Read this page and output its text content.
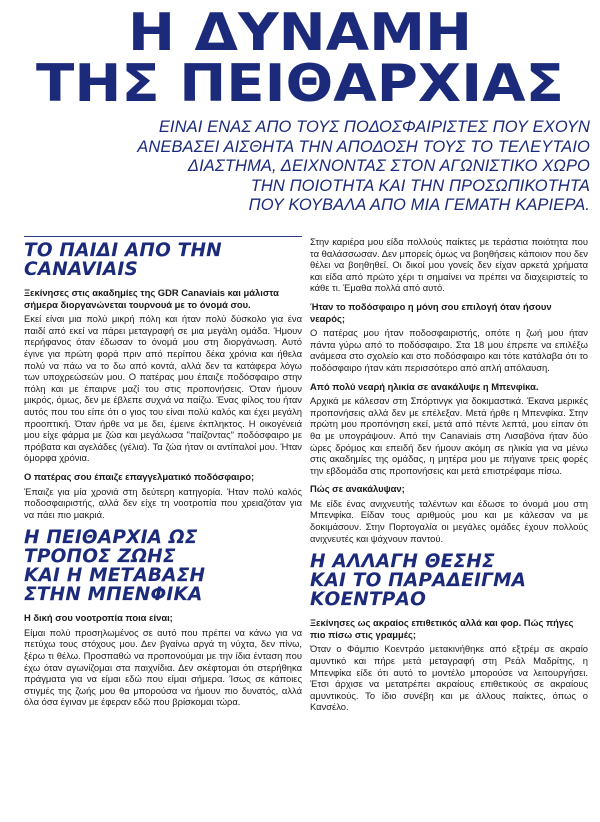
Η ΔΥΝΑΜΗ
ΤΗΣ ΠΕΙΘΑΡΧΙΑΣ
ΕΙΝΑΙ ΕΝΑΣ ΑΠΟ ΤΟΥΣ ΠΟΔΟΣΦΑΙΡΙΣΤΕΣ ΠΟΥ ΕΧΟΥΝ
ΑΝΕΒΑΣΕΙ ΑΙΣΘΗΤΑ ΤΗΝ ΑΠΟΔΟΣΗ ΤΟΥΣ ΤΟ ΤΕΛΕΥΤΑΙΟ
ΔΙΑΣΤΗΜΑ, ΔΕΙΧΝΟΝΤΑΣ ΣΤΟΝ ΑΓΩΝΙΣΤΙΚΟ ΧΩΡΟ
ΤΗΝ ΠΟΙΟΤΗΤΑ ΚΑΙ ΤΗΝ ΠΡΟΣΩΠΙΚΟΤΗΤΑ
ΠΟΥ ΚΟΥΒΑΛΑ ΑΠΟ ΜΙΑ ΓΕΜΑΤΗ ΚΑΡΙΕΡΑ.
ΤΟ ΠΑΙΔΙ ΑΠΟ ΤΗΝ
CANAVIAIS
Ξεκίνησες στις ακαδημίες της GDR Canaviais και μάλιστα σήμερα διοργανώνεται τουρνουά με το όνομά σου.
Εκεί είναι μια πολύ μικρή πόλη και ήταν πολύ δύσκολο για ένα παιδί από εκεί να πάρει μεταγραφή σε μια μεγάλη ομάδα. Ήμουν περήφανος όταν έδωσαν το όνομά μου στη διοργάνωση. Αυτό έγινε για πρώτη φορά πριν από περίπου δέκα χρόνια και ήθελα πολύ να πάω να το δω από κοντά, αλλά δεν τα κατάφερα λόγω των υποχρεώσεών μου. Ο πατέρας μου έπαιζε ποδόσφαιρο στην πόλη και με έπαιρνε μαζί του στις προπονήσεις. Όταν ήμουν μικρός, όμως, δεν με έβλεπε συχνά να παίζω. Ένας φίλος του ήταν αυτός που του είπε ότι ο γιος του είναι πολύ καλός και έχει μεγάλη προοπτική. Όταν ήρθε να με δει, έμεινε έκπληκτος. Η οικογένειά μου είχε φάρμα με ζώα και μεγάλωσα "παίζοντας" ποδόσφαιρο με πρόβατα και αγελάδες (γέλια). Τα ζώα ήταν οι αντίπαλοί μου. Ήταν όμορφα χρόνια.
Ο πατέρας σου έπαιζε επαγγελματικό ποδόσφαιρο;
Έπαιζε για μία χρονιά στη δεύτερη κατηγορία. Ήταν πολύ καλός ποδοσφαιριστής, αλλά δεν είχε τη νοοτροπία που χρειαζόταν για να πάει πιο μακριά.
Η ΠΕΙΘΑΡΧΙΑ ΩΣ
ΤΡΟΠΟΣ ΖΩΗΣ
ΚΑΙ Η ΜΕΤΑΒΑΣΗ
ΣΤΗΝ ΜΠΕΝΦΙΚΑ
Η δική σου νοοτροπία ποια είναι;
Είμαι πολύ προσηλωμένος σε αυτό που πρέπει να κάνω για να πετύχω τους στόχους μου. Δεν βγαίνω αργά τη νύχτα, δεν πίνω, ξέρω τι θέλω. Προσπαθώ να προπονούμαι με την ίδια ένταση που έχω όταν αγωνίζομαι στα παιχνίδια. Δεν σκέφτομαι ότι στερήθηκα πράγματα για να είμαι εδώ που είμαι σήμερα. Ίσως σε κάποιες στιγμές της ζωής μου θα μπορούσα να ήμουν πιο δυνατός, αλλά όλα όσα έγιναν με έφεραν εδώ που βρίσκομαι τώρα.
Στην καριέρα μου είδα πολλούς παίκτες με τεράστια ποιότητα που τα θαλάσσωσαν. Δεν μπορείς όμως να βοηθήσεις κάποιον που δεν θέλει να βοηθηθεί. Οι δικοί μου γονείς δεν είχαν αρκετά χρήματα και είδα από πρώτο χέρι τι σημαίνει να πρέπει να διαχειριστείς το κάθε τι. Έμαθα πολλά από αυτό.
Ήταν το ποδόσφαιρο η μόνη σου επιλογή όταν ήσουν νεαρός;
Ο πατέρας μου ήταν ποδοσφαιριστής, οπότε η ζωή μου ήταν πάντα γύρω από το ποδόσφαιρο. Στα 18 μου έπρεπε να επιλέξω ανάμεσα στο σχολείο και στο ποδόσφαιρο και τότε κατάλαβα ότι το ποδόσφαιρο ήταν κάτι περισσότερο από απλή απόλαυση.
Από πολύ νεαρή ηλικία σε ανακάλυψε η Μπενφίκα.
Αρχικά με κάλεσαν στη Σπόρτινγκ για δοκιμαστικά. Έκανα μερικές προπονήσεις αλλά δεν με επέλεξαν. Μετά ήρθε η Μπενφίκα. Στην πρώτη μου προπόνηση εκεί, μετά από πέντε λεπτά, μου είπαν ότι θα με υπογράψουν. Από την Canaviais στη Λισαβόνα ήταν δύο ώρες δρόμος και επειδή δεν ήμουν ακόμη σε ηλικία για να μένω στις ακαδημίες της ομάδας, η μητέρα μου με πήγαινε τρεις φορές την εβδομάδα στις προπονήσεις και μετά επιστρέφαμε πίσω.
Πώς σε ανακάλυψαν;
Με είδε ένας ανιχνευτής ταλέντων και έδωσε το όνομά μου στη Μπενφίκα. Είδαν τους αριθμούς μου και με κάλεσαν να με δοκιμάσουν. Στην Πορτογαλία οι μεγάλες ομάδες έχουν πολλούς ανιχνευτές και ψάχνουν παντού.
Η ΑΛΛΑΓΗ ΘΕΣΗΣ
ΚΑΙ ΤΟ ΠΑΡΑΔΕΙΓΜΑ
ΚΟΕΝΤΡΑΟ
Ξεκίνησες ως ακραίος επιθετικός αλλά και φορ. Πώς πήγες πιο πίσω στις γραμμές;
Όταν ο Φάμπιο Κοεντράο μετακινήθηκε από εξτρέμ σε ακραίο αμυντικό και πήρε μετά μεταγραφή στη Ρεάλ Μαδρίτης, η Μπενφίκα είδε ότι αυτό το μοντέλο μπορούσε να λειτουργήσει. Έτσι άρχισε να μετατρέπει ακραίους επιθετικούς σε ακραίους αμυντικούς. Το ίδιο συνέβη και με άλλους παίκτες, όπως ο Κανσέλο.
